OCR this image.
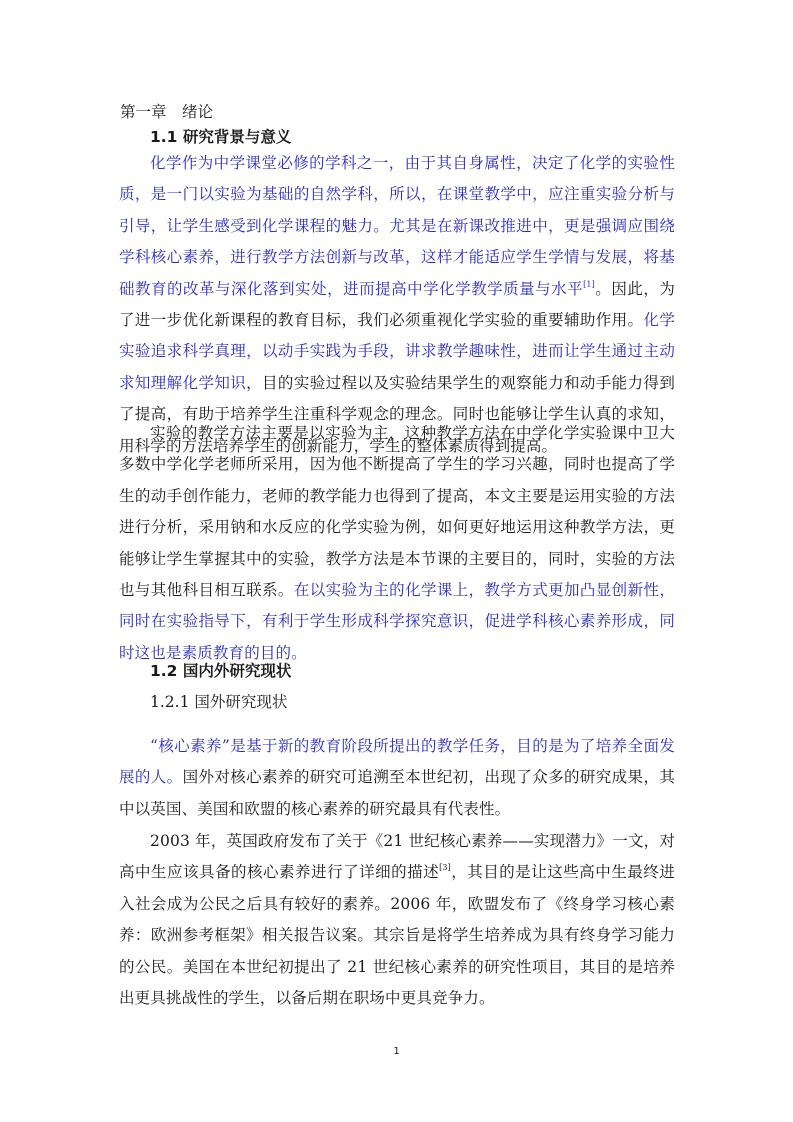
第一章　绪论
1.1 研究背景与意义
化学作为中学课堂必修的学科之一，由于其自身属性，决定了化学的实验性质，是一门以实验为基础的自然学科，所以，在课堂教学中，应注重实验分析与引导，让学生感受到化学课程的魅力。尤其是在新课改推进中，更是强调应围绕学科核心素养，进行教学方法创新与改革，这样才能适应学生学情与发展，将基础教育的改革与深化落到实处，进而提高中学化学教学质量与水平[1]。因此，为了进一步优化新课程的教育目标，我们必须重视化学实验的重要辅助作用。化学实验追求科学真理，以动手实践为手段，讲求教学趣味性，进而让学生通过主动求知理解化学知识，目的实验过程以及实验结果学生的观察能力和动手能力得到了提高，有助于培养学生注重科学观念的理念。同时也能够让学生认真的求知，用科学的方法培养学生的创新能力，学生的整体素质得到提高。
实验的教学方法主要是以实验为主，这种教学方法在中学化学实验课中卫大多数中学化学老师所采用，因为他不断提高了学生的学习兴趣，同时也提高了学生的动手创作能力，老师的教学能力也得到了提高，本文主要是运用实验的方法进行分析，采用钠和水反应的化学实验为例，如何更好地运用这种教学方法，更能够让学生掌握其中的实验，教学方法是本节课的主要目的，同时，实验的方法也与其他科目相互联系。在以实验为主的化学课上，教学方式更加凸显创新性，同时在实验指导下，有利于学生形成科学探究意识，促进学科核心素养形成，同时这也是素质教育的目的。
1.2 国内外研究现状
1.2.1 国外研究现状
“核心素养”是基于新的教育阶段所提出的教学任务，目的是为了培养全面发展的人。国外对核心素养的研究可追溯至本世纪初，出现了众多的研究成果，其中以英国、美国和欧盟的核心素养的研究最具有代表性。
2003 年，英国政府发布了关于《21 世纪核心素养——实现潜力》一文，对高中生应该具备的核心素养进行了详细的描述[3]，其目的是让这些高中生最终进入社会成为公民之后具有较好的素养。2006 年，欧盟发布了《终身学习核心素养：欧洲参考框架》相关报告议案。其宗旨是将学生培养成为具有终身学习能力的公民。美国在本世纪初提出了 21 世纪核心素养的研究性项目，其目的是培养出更具挑战性的学生，以备后期在职场中更具竞争力。
1
